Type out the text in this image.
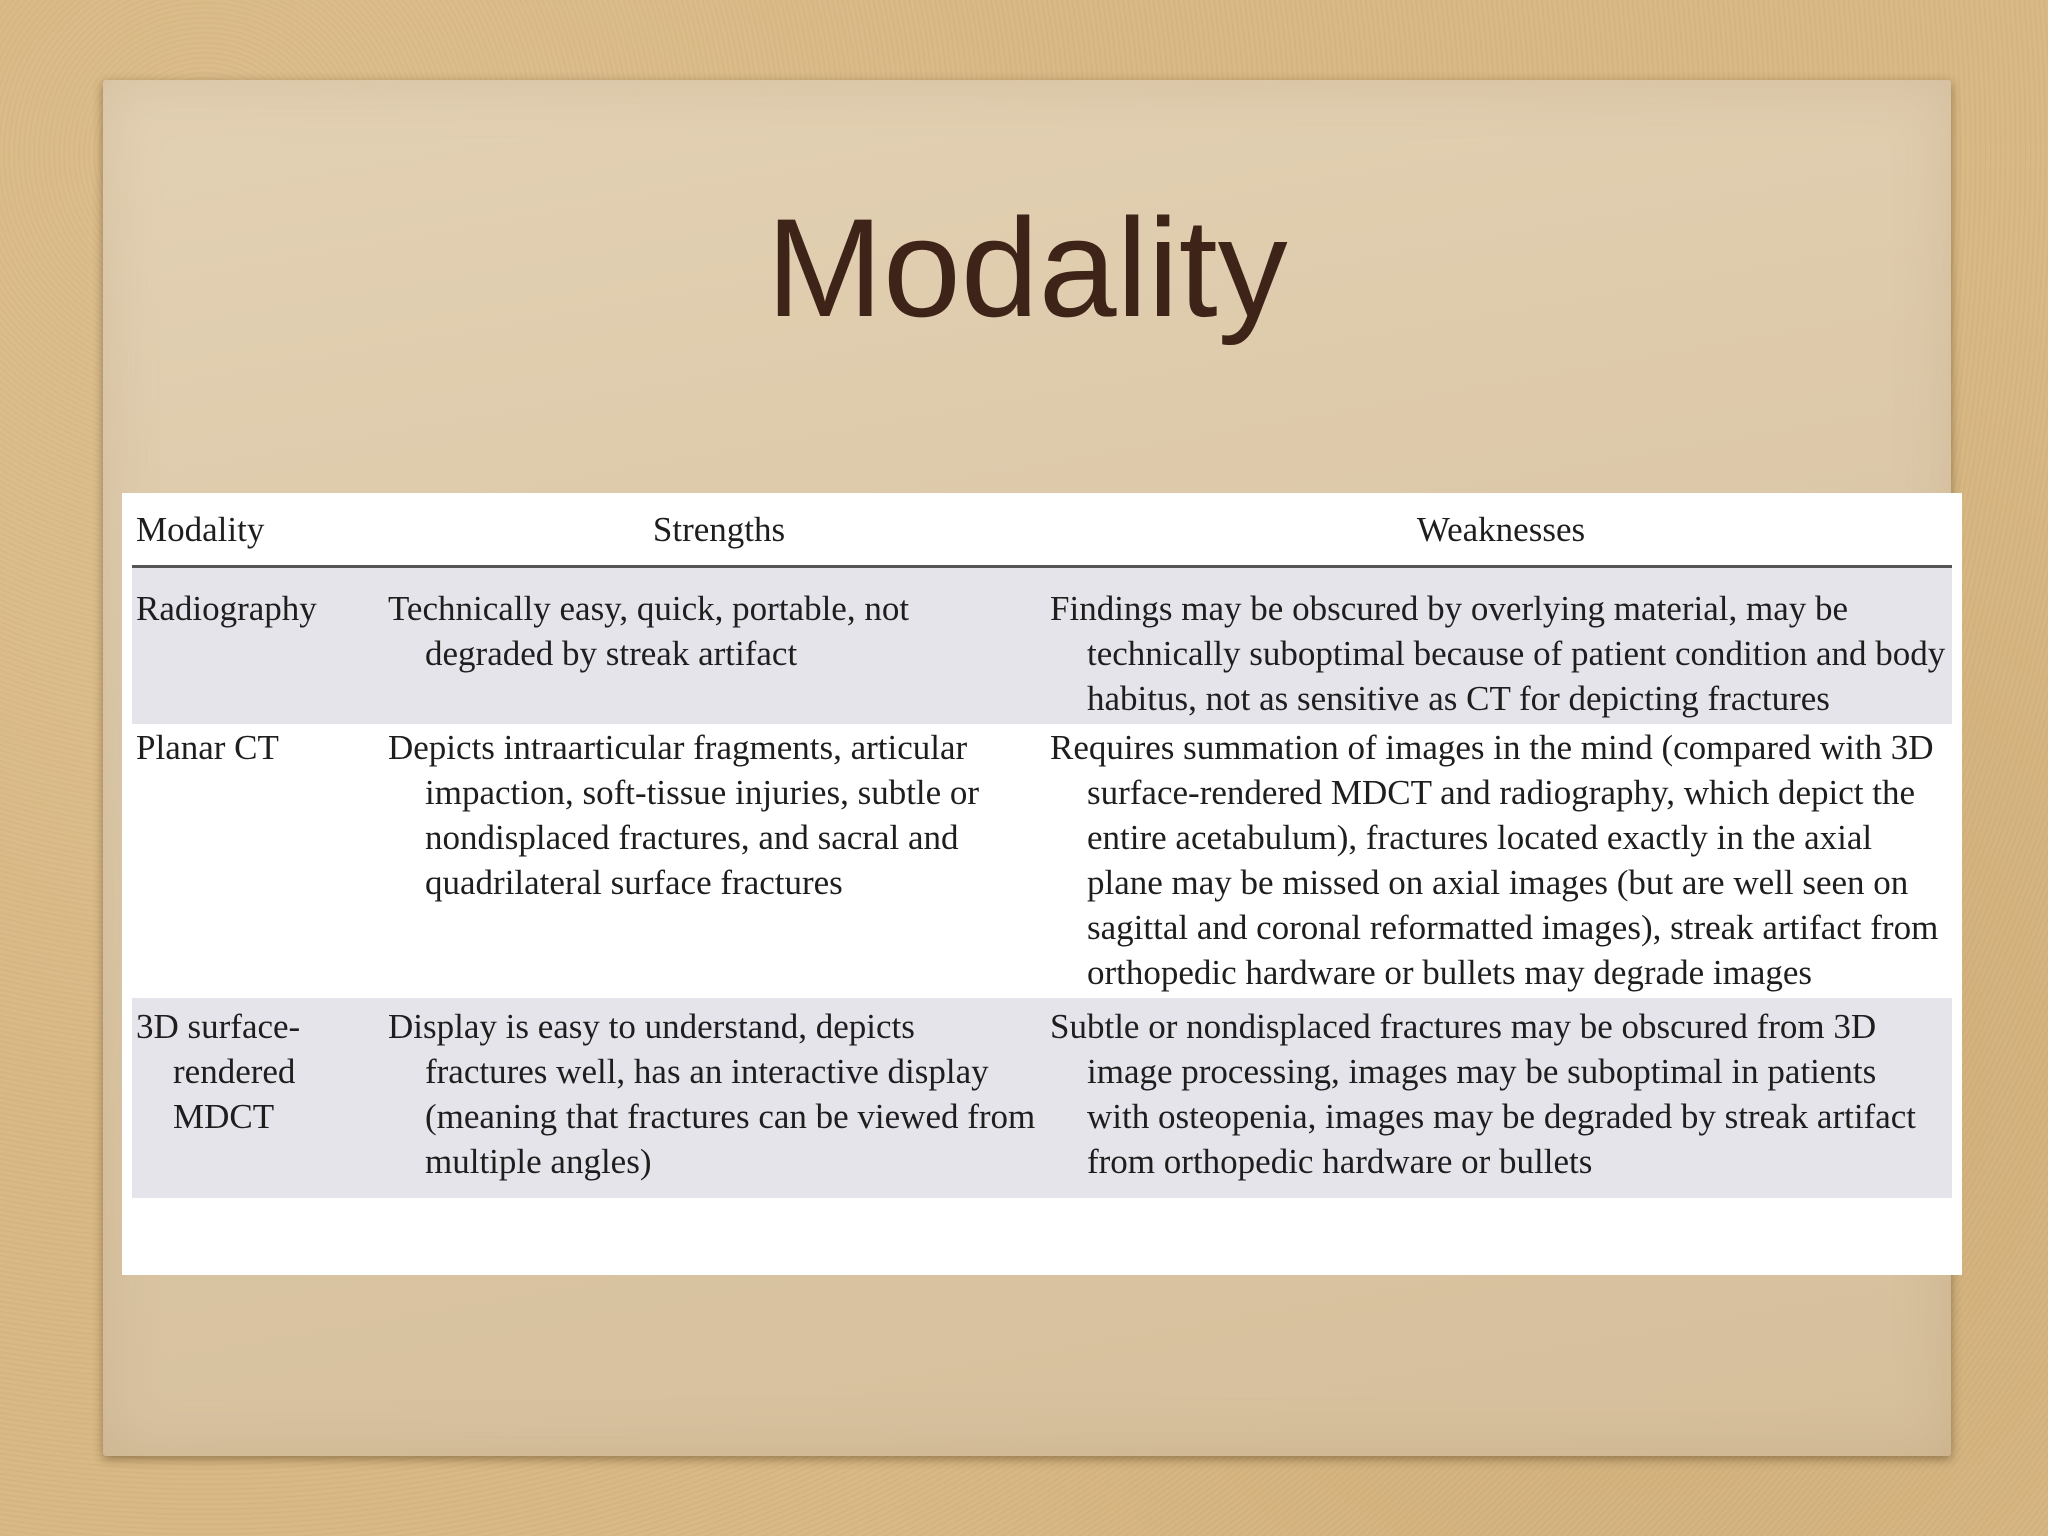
Modality
Modality	Strengths	Weaknesses

Radiography	Technically easy, quick, portable, not degraded by streak artifact	Findings may be obscured by overlying material, may be technically suboptimal because of patient condition and body habitus, not as sensitive as CT for depicting fractures

Planar CT	Depicts intraarticular fragments, articular impaction, soft-tissue injuries, subtle or nondisplaced fractures, and sacral and quadrilateral surface fractures	Requires summation of images in the mind (compared with 3D surface-rendered MDCT and radiography, which depict the entire acetabulum), fractures located exactly in the axial plane may be missed on axial images (but are well seen on sagittal and coronal reformatted images), streak artifact from orthopedic hardware or bullets may degrade images

3D surface-rendered MDCT	Display is easy to understand, depicts fractures well, has an interactive display (meaning that fractures can be viewed from multiple angles)	Subtle or nondisplaced fractures may be obscured from 3D image processing, images may be suboptimal in patients with osteopenia, images may be degraded by streak artifact from orthopedic hardware or bullets
